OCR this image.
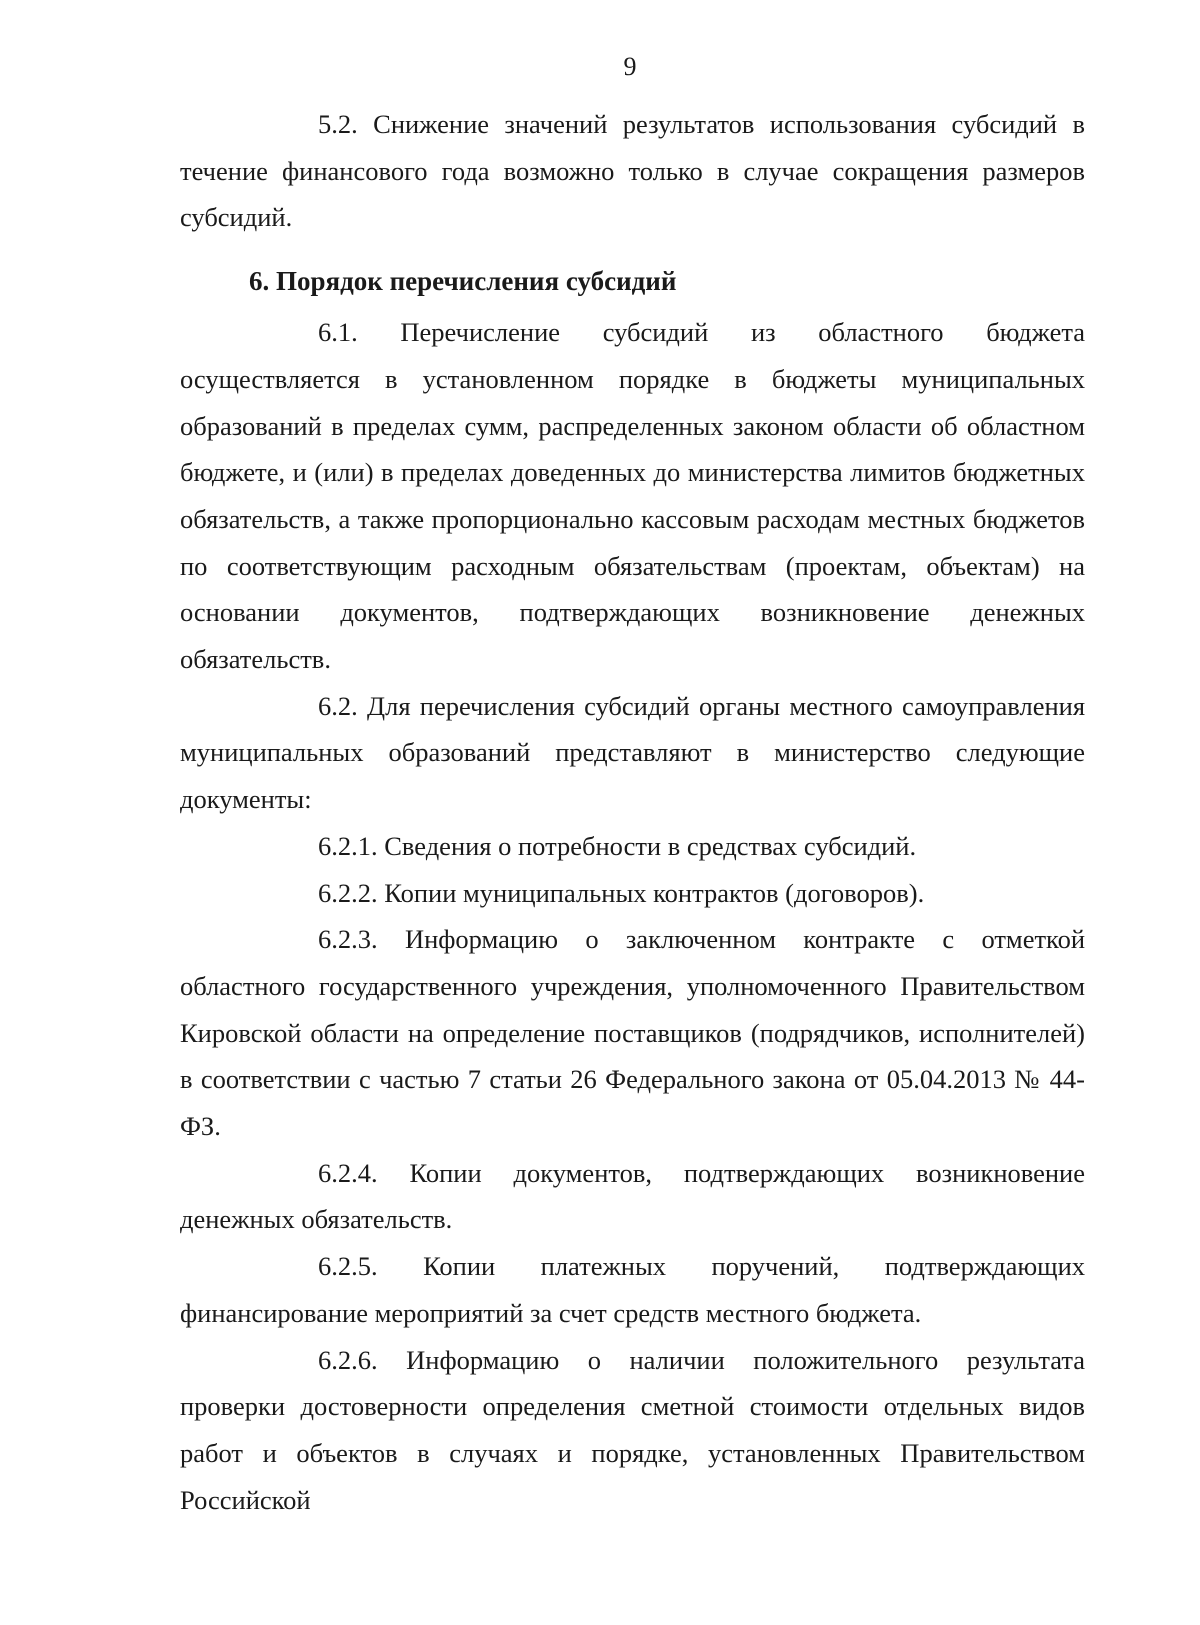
9

5.2. Снижение значений результатов использования субсидий в течение финансового года возможно только в случае сокращения размеров субсидий.

6. Порядок перечисления субсидий

6.1. Перечисление субсидий из областного бюджета осуществляется в установленном порядке в бюджеты муниципальных образований в пределах сумм, распределенных законом области об областном бюджете, и (или) в пределах доведенных до министерства лимитов бюджетных обязательств, а также пропорционально кассовым расходам местных бюджетов по соответствующим расходным обязательствам (проектам, объектам) на основании документов, подтверждающих возникновение денежных обязательств.

6.2. Для перечисления субсидий органы местного самоуправления муниципальных образований представляют в министерство следующие документы:

6.2.1. Сведения о потребности в средствах субсидий.

6.2.2. Копии муниципальных контрактов (договоров).

6.2.3. Информацию о заключенном контракте с отметкой областного государственного учреждения, уполномоченного Правительством Кировской области на определение поставщиков (подрядчиков, исполнителей) в соответствии с частью 7 статьи 26 Федерального закона от 05.04.2013 № 44-ФЗ.

6.2.4. Копии документов, подтверждающих возникновение денежных обязательств.

6.2.5. Копии платежных поручений, подтверждающих финансирование мероприятий за счет средств местного бюджета.

6.2.6. Информацию о наличии положительного результата проверки достоверности определения сметной стоимости отдельных видов работ и объектов в случаях и порядке, установленных Правительством Российской
